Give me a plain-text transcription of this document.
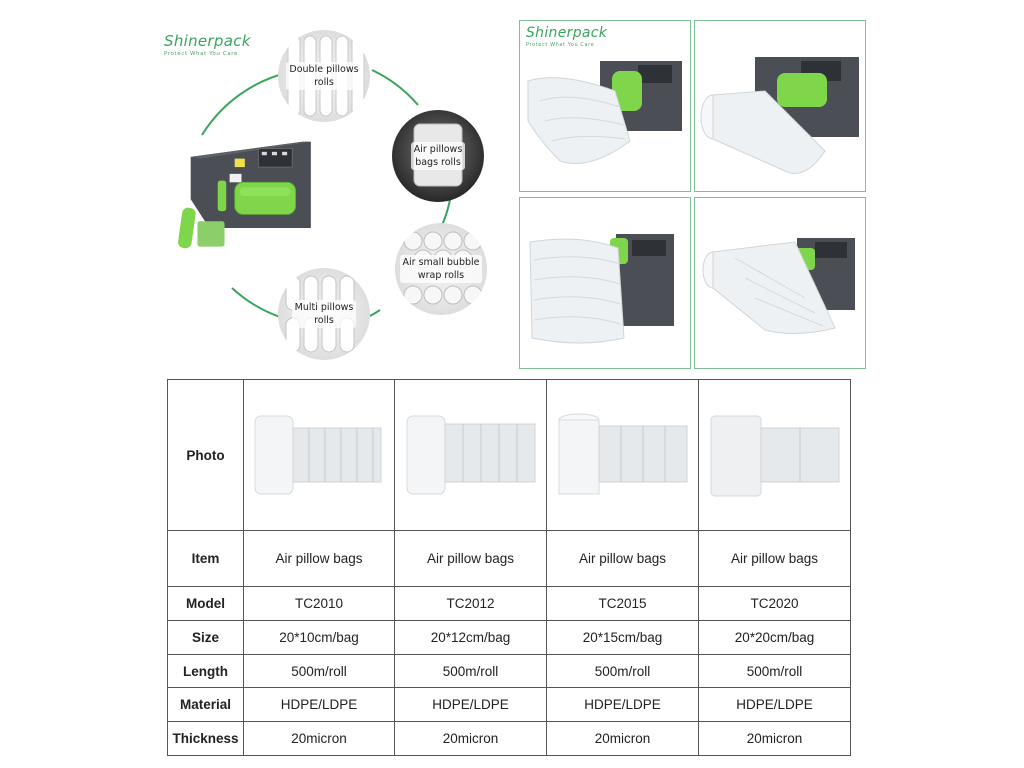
Shinerpack
Protect What You Care
Double pillows
rolls
Air pillows
bags rolls
Air small bubble
wrap rolls
Multi pillows
rolls
Shinerpack
Protect What You Care
Photo	

Item	Air pillow bags	Air pillow bags	Air pillow bags	Air pillow bags
Model	TC2010	TC2012	TC2015	TC2020
Size	20*10cm/bag	20*12cm/bag	20*15cm/bag	20*20cm/bag
Length	500m/roll	500m/roll	500m/roll	500m/roll
Material	HDPE/LDPE	HDPE/LDPE	HDPE/LDPE	HDPE/LDPE
Thickness	20micron	20micron	20micron	20micron
